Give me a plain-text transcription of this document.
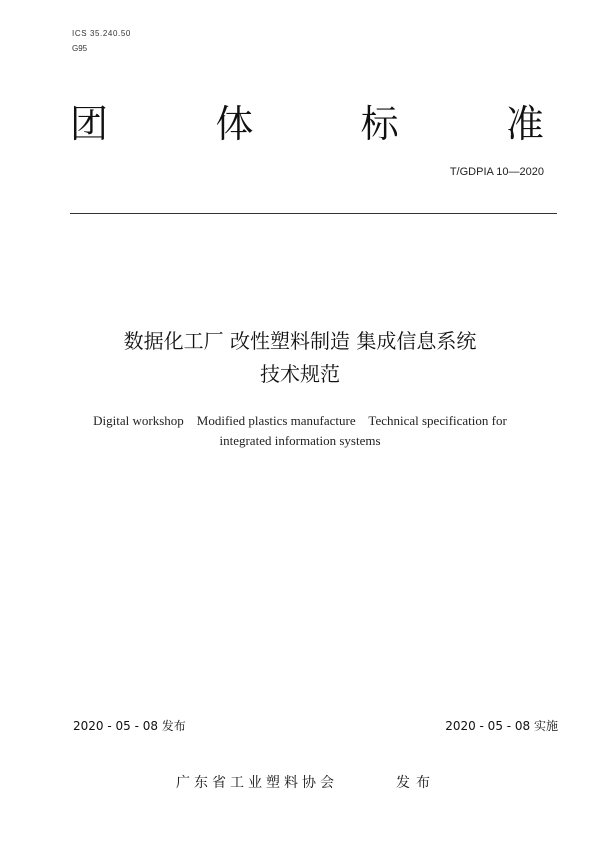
ICS 35.240.50
G95
团	体	标	准
T/GDPIA 10—2020
数据化工厂 改性塑料制造 集成信息系统
技术规范
Digital workshop    Modified plastics manufacture    Technical specification for
integrated information systems
2020 - 05 - 08 发布	2020 - 05 - 08 实施
广东省工业塑料协会	发布
